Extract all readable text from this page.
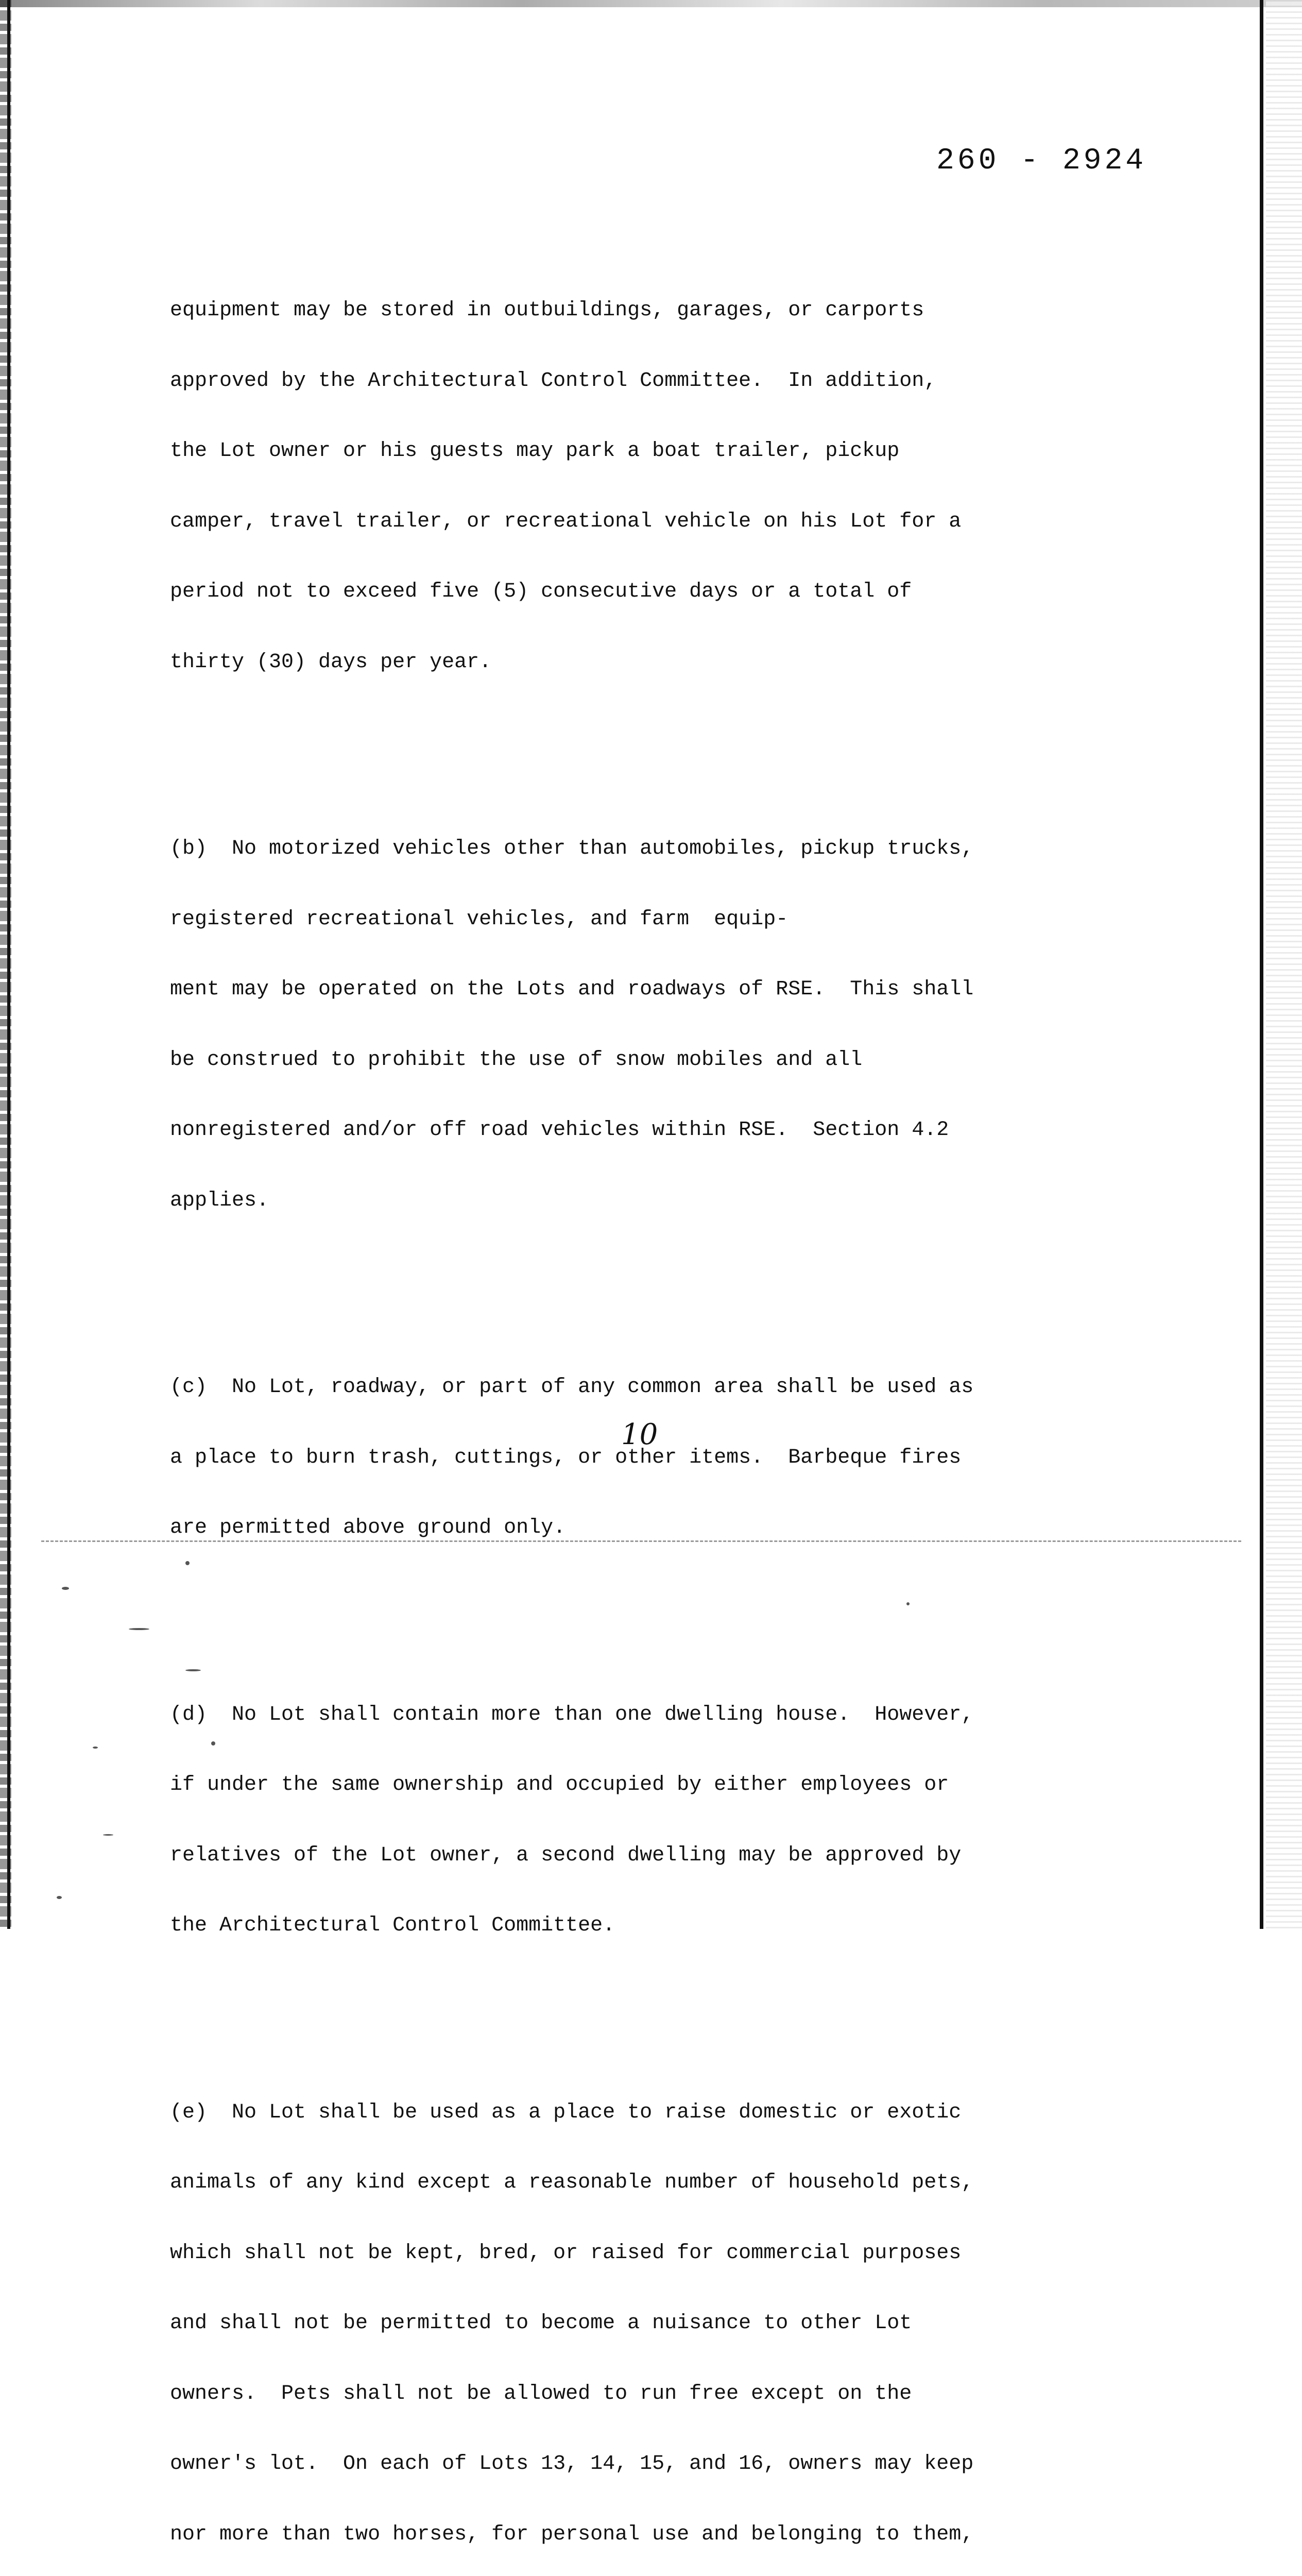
260 - 2924

equipment may be stored in outbuildings, garages, or carports

approved by the Architectural Control Committee.  In addition,

the Lot owner or his guests may park a boat trailer, pickup

camper, travel trailer, or recreational vehicle on his Lot for a

period not to exceed five (5) consecutive days or a total of

thirty (30) days per year.

(b)  No motorized vehicles other than automobiles, pickup trucks,

registered recreational vehicles, and farm  equip-

ment may be operated on the Lots and roadways of RSE.  This shall

be construed to prohibit the use of snow mobiles and all

nonregistered and/or off road vehicles within RSE.  Section 4.2

applies.

(c)  No Lot, roadway, or part of any common area shall be used as

a place to burn trash, cuttings, or other items.  Barbeque fires

are permitted above ground only.

(d)  No Lot shall contain more than one dwelling house.  However,

if under the same ownership and occupied by either employees or

relatives of the Lot owner, a second dwelling may be approved by

the Architectural Control Committee.

(e)  No Lot shall be used as a place to raise domestic or exotic

animals of any kind except a reasonable number of household pets,

which shall not be kept, bred, or raised for commercial purposes

and shall not be permitted to become a nuisance to other Lot

owners.  Pets shall not be allowed to run free except on the

owner's lot.  On each of Lots 13, 14, 15, and 16, owners may keep

nor more than two horses, for personal use and belonging to them,

10
